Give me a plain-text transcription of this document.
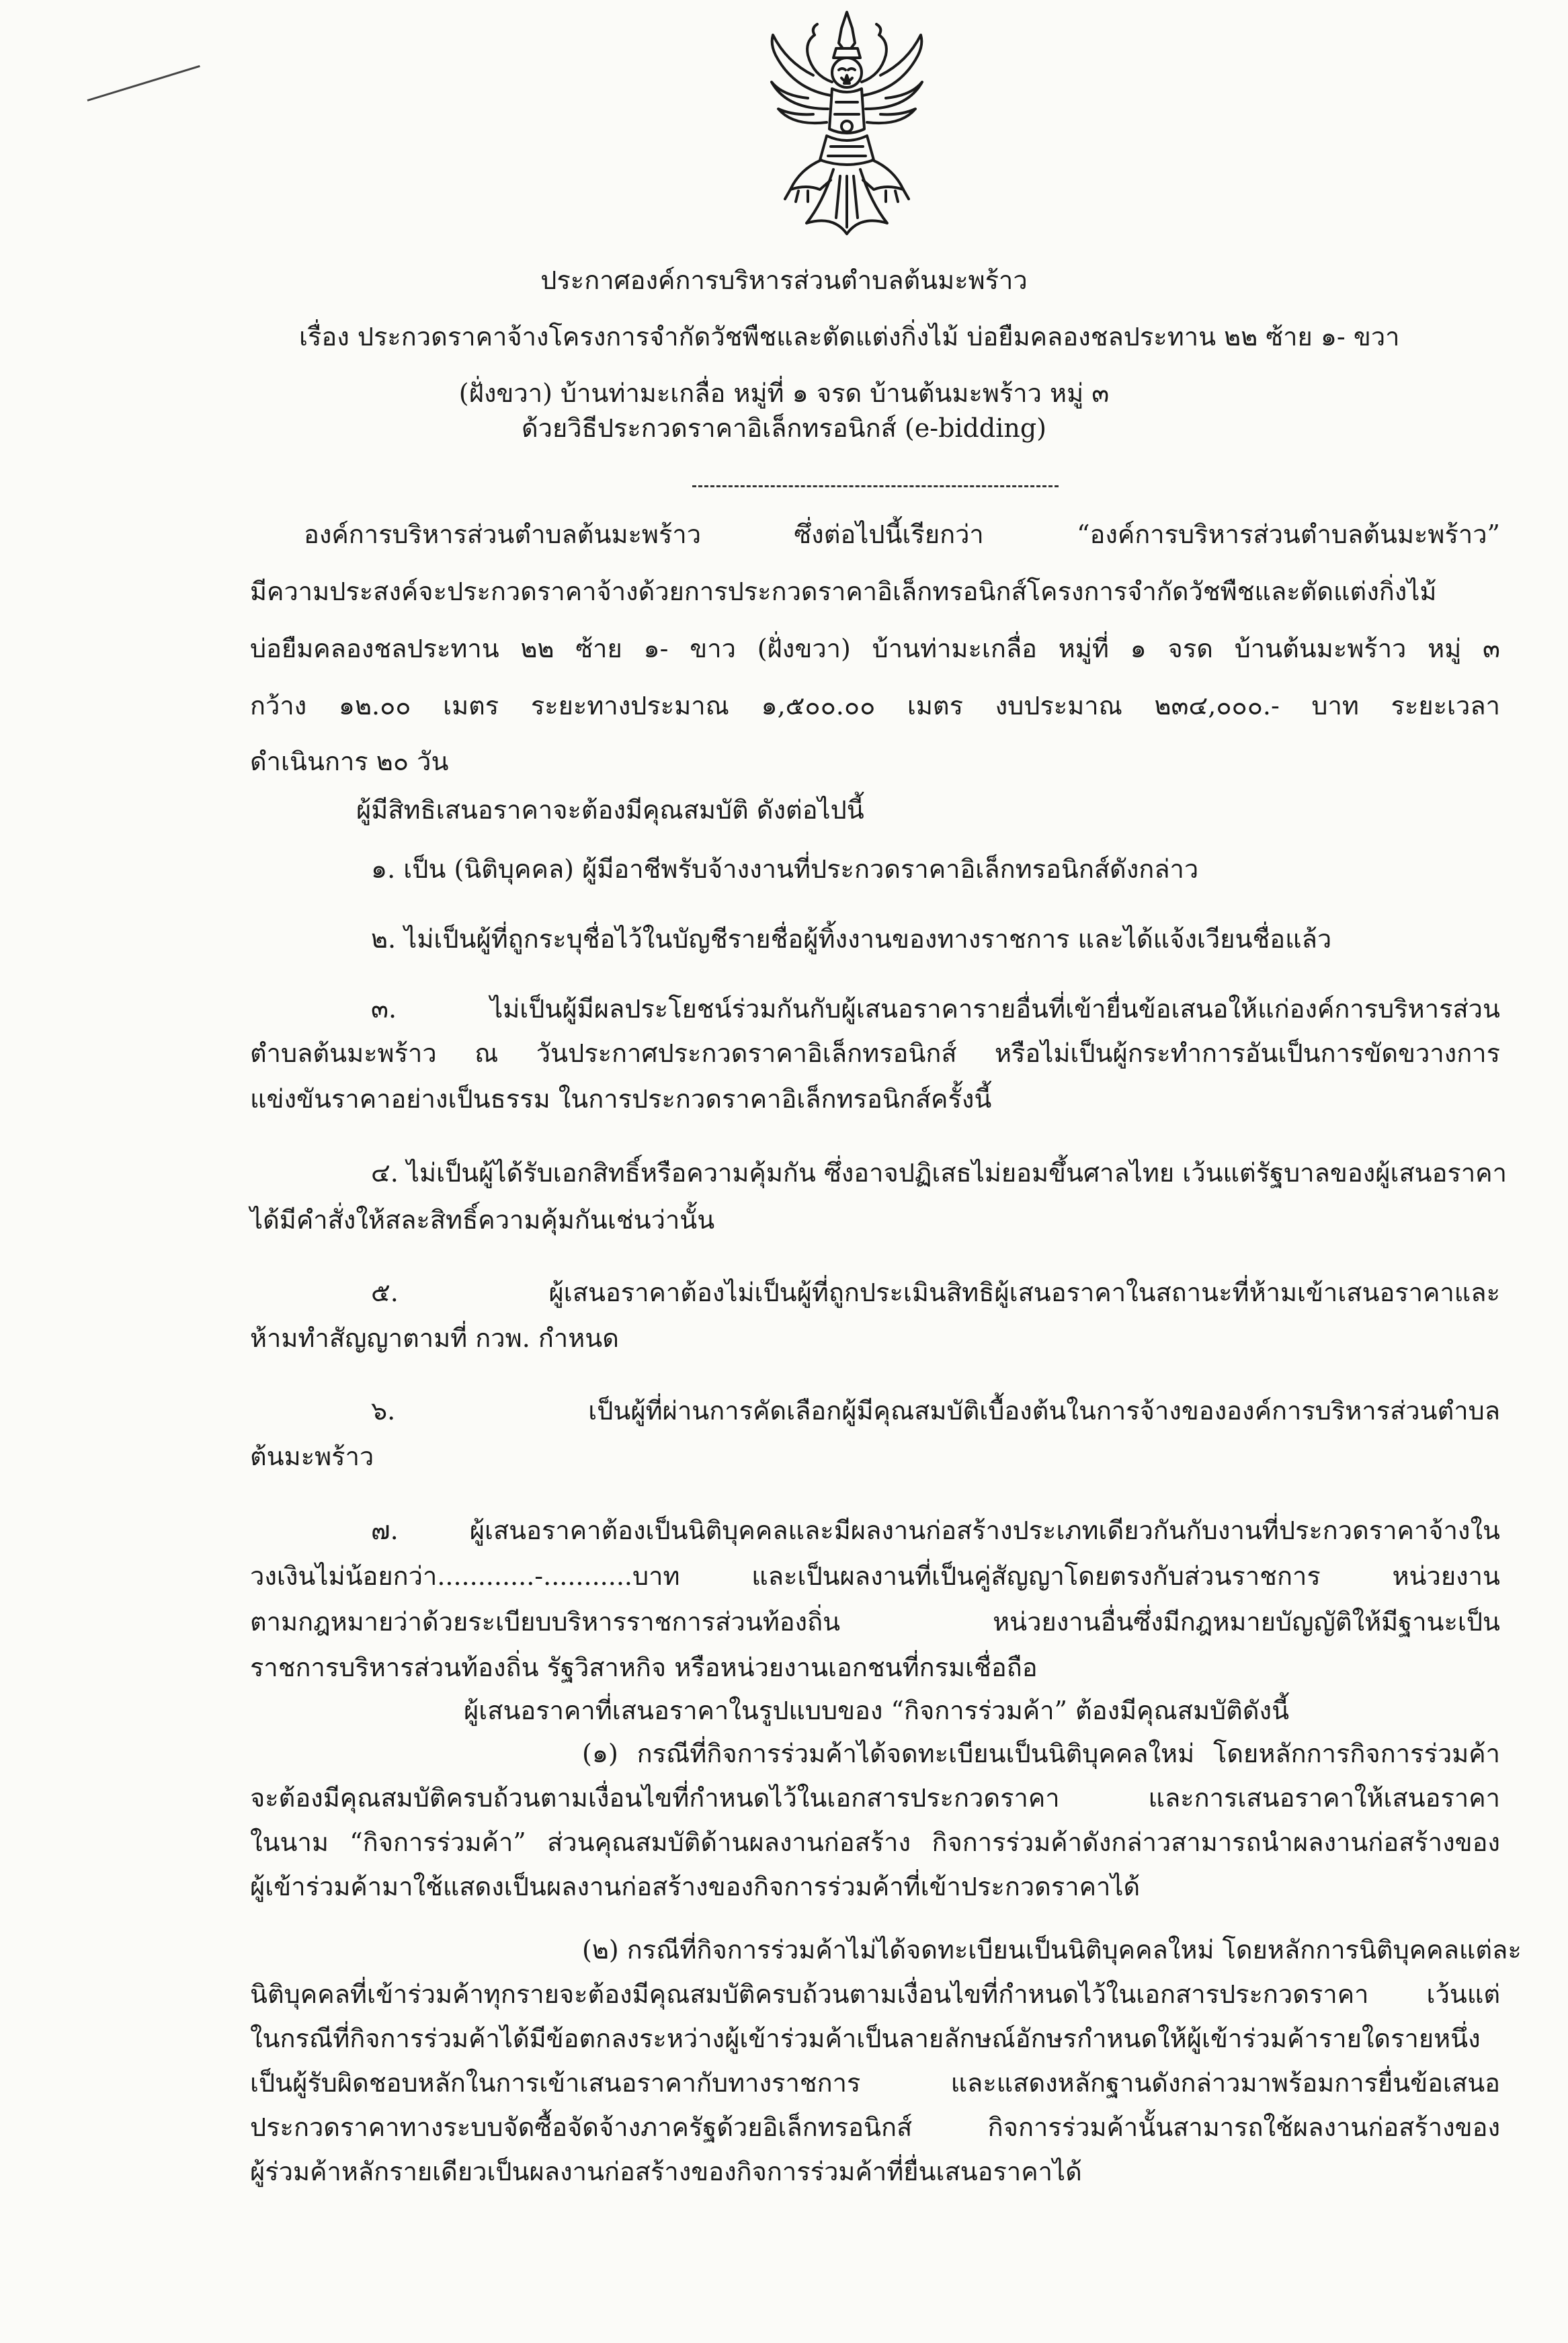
ประกาศองค์การบริหารส่วนตำบลต้นมะพร้าว
เรื่อง ประกวดราคาจ้างโครงการจำกัดวัชพืชและตัดแต่งกิ่งไม้ บ่อยืมคลองชลประทาน ๒๒ ซ้าย ๑- ขวา
(ฝั่งขวา) บ้านท่ามะเกลื่อ หมู่ที่ ๑ จรด บ้านต้นมะพร้าว หมู่ ๓
ด้วยวิธีประกวดราคาอิเล็กทรอนิกส์ (e-bidding)
องค์การบริหารส่วนตำบลต้นมะพร้าว ซึ่งต่อไปนี้เรียกว่า “องค์การบริหารส่วนตำบลต้นมะพร้าว”
มีความประสงค์จะประกวดราคาจ้างด้วยการประกวดราคาอิเล็กทรอนิกส์โครงการจำกัดวัชพืชและตัดแต่งกิ่งไม้
บ่อยืมคลองชลประทาน ๒๒ ซ้าย ๑- ขาว (ฝั่งขวา) บ้านท่ามะเกลื่อ หมู่ที่ ๑ จรด บ้านต้นมะพร้าว หมู่ ๓
กว้าง ๑๒.๐๐ เมตร ระยะทางประมาณ ๑,๕๐๐.๐๐ เมตร งบประมาณ ๒๓๔,๐๐๐.- บาท ระยะเวลา
ดำเนินการ ๒๐ วัน
ผู้มีสิทธิเสนอราคาจะต้องมีคุณสมบัติ ดังต่อไปนี้
๑. เป็น (นิติบุคคล) ผู้มีอาชีพรับจ้างงานที่ประกวดราคาอิเล็กทรอนิกส์ดังกล่าว
๒. ไม่เป็นผู้ที่ถูกระบุชื่อไว้ในบัญชีรายชื่อผู้ทิ้งงานของทางราชการ และได้แจ้งเวียนชื่อแล้ว
๓. ไม่เป็นผู้มีผลประโยชน์ร่วมกันกับผู้เสนอราคารายอื่นที่เข้ายื่นข้อเสนอให้แก่องค์การบริหารส่วน
ตำบลต้นมะพร้าว ณ วันประกาศประกวดราคาอิเล็กทรอนิกส์ หรือไม่เป็นผู้กระทำการอันเป็นการขัดขวางการ
แข่งขันราคาอย่างเป็นธรรม ในการประกวดราคาอิเล็กทรอนิกส์ครั้งนี้
๔. ไม่เป็นผู้ได้รับเอกสิทธิ์หรือความคุ้มกัน ซึ่งอาจปฏิเสธไม่ยอมขึ้นศาลไทย เว้นแต่รัฐบาลของผู้เสนอราคา
ได้มีคำสั่งให้สละสิทธิ์ความคุ้มกันเช่นว่านั้น
๕. ผู้เสนอราคาต้องไม่เป็นผู้ที่ถูกประเมินสิทธิผู้เสนอราคาในสถานะที่ห้ามเข้าเสนอราคาและ
ห้ามทำสัญญาตามที่ กวพ. กำหนด
๖. เป็นผู้ที่ผ่านการคัดเลือกผู้มีคุณสมบัติเบื้องต้นในการจ้างขององค์การบริหารส่วนตำบล
ต้นมะพร้าว
๗. ผู้เสนอราคาต้องเป็นนิติบุคคลและมีผลงานก่อสร้างประเภทเดียวกันกับงานที่ประกวดราคาจ้างใน
วงเงินไม่น้อยกว่า............-...........บาท และเป็นผลงานที่เป็นคู่สัญญาโดยตรงกับส่วนราชการ หน่วยงาน
ตามกฎหมายว่าด้วยระเบียบบริหารราชการส่วนท้องถิ่น หน่วยงานอื่นซึ่งมีกฎหมายบัญญัติให้มีฐานะเป็น
ราชการบริหารส่วนท้องถิ่น รัฐวิสาหกิจ หรือหน่วยงานเอกชนที่กรมเชื่อถือ
ผู้เสนอราคาที่เสนอราคาในรูปแบบของ “กิจการร่วมค้า” ต้องมีคุณสมบัติดังนี้
(๑) กรณีที่กิจการร่วมค้าได้จดทะเบียนเป็นนิติบุคคลใหม่ โดยหลักการกิจการร่วมค้า
จะต้องมีคุณสมบัติครบถ้วนตามเงื่อนไขที่กำหนดไว้ในเอกสารประกวดราคา และการเสนอราคาให้เสนอราคา
ในนาม “กิจการร่วมค้า” ส่วนคุณสมบัติด้านผลงานก่อสร้าง กิจการร่วมค้าดังกล่าวสามารถนำผลงานก่อสร้างของ
ผู้เข้าร่วมค้ามาใช้แสดงเป็นผลงานก่อสร้างของกิจการร่วมค้าที่เข้าประกวดราคาได้
(๒) กรณีที่กิจการร่วมค้าไม่ได้จดทะเบียนเป็นนิติบุคคลใหม่ โดยหลักการนิติบุคคลแต่ละ
นิติบุคคลที่เข้าร่วมค้าทุกรายจะต้องมีคุณสมบัติครบถ้วนตามเงื่อนไขที่กำหนดไว้ในเอกสารประกวดราคา เว้นแต่
ในกรณีที่กิจการร่วมค้าได้มีข้อตกลงระหว่างผู้เข้าร่วมค้าเป็นลายลักษณ์อักษรกำหนดให้ผู้เข้าร่วมค้ารายใดรายหนึ่ง
เป็นผู้รับผิดชอบหลักในการเข้าเสนอราคากับทางราชการ และแสดงหลักฐานดังกล่าวมาพร้อมการยื่นข้อเสนอ
ประกวดราคาทางระบบจัดซื้อจัดจ้างภาครัฐด้วยอิเล็กทรอนิกส์ กิจการร่วมค้านั้นสามารถใช้ผลงานก่อสร้างของ
ผู้ร่วมค้าหลักรายเดียวเป็นผลงานก่อสร้างของกิจการร่วมค้าที่ยื่นเสนอราคาได้
